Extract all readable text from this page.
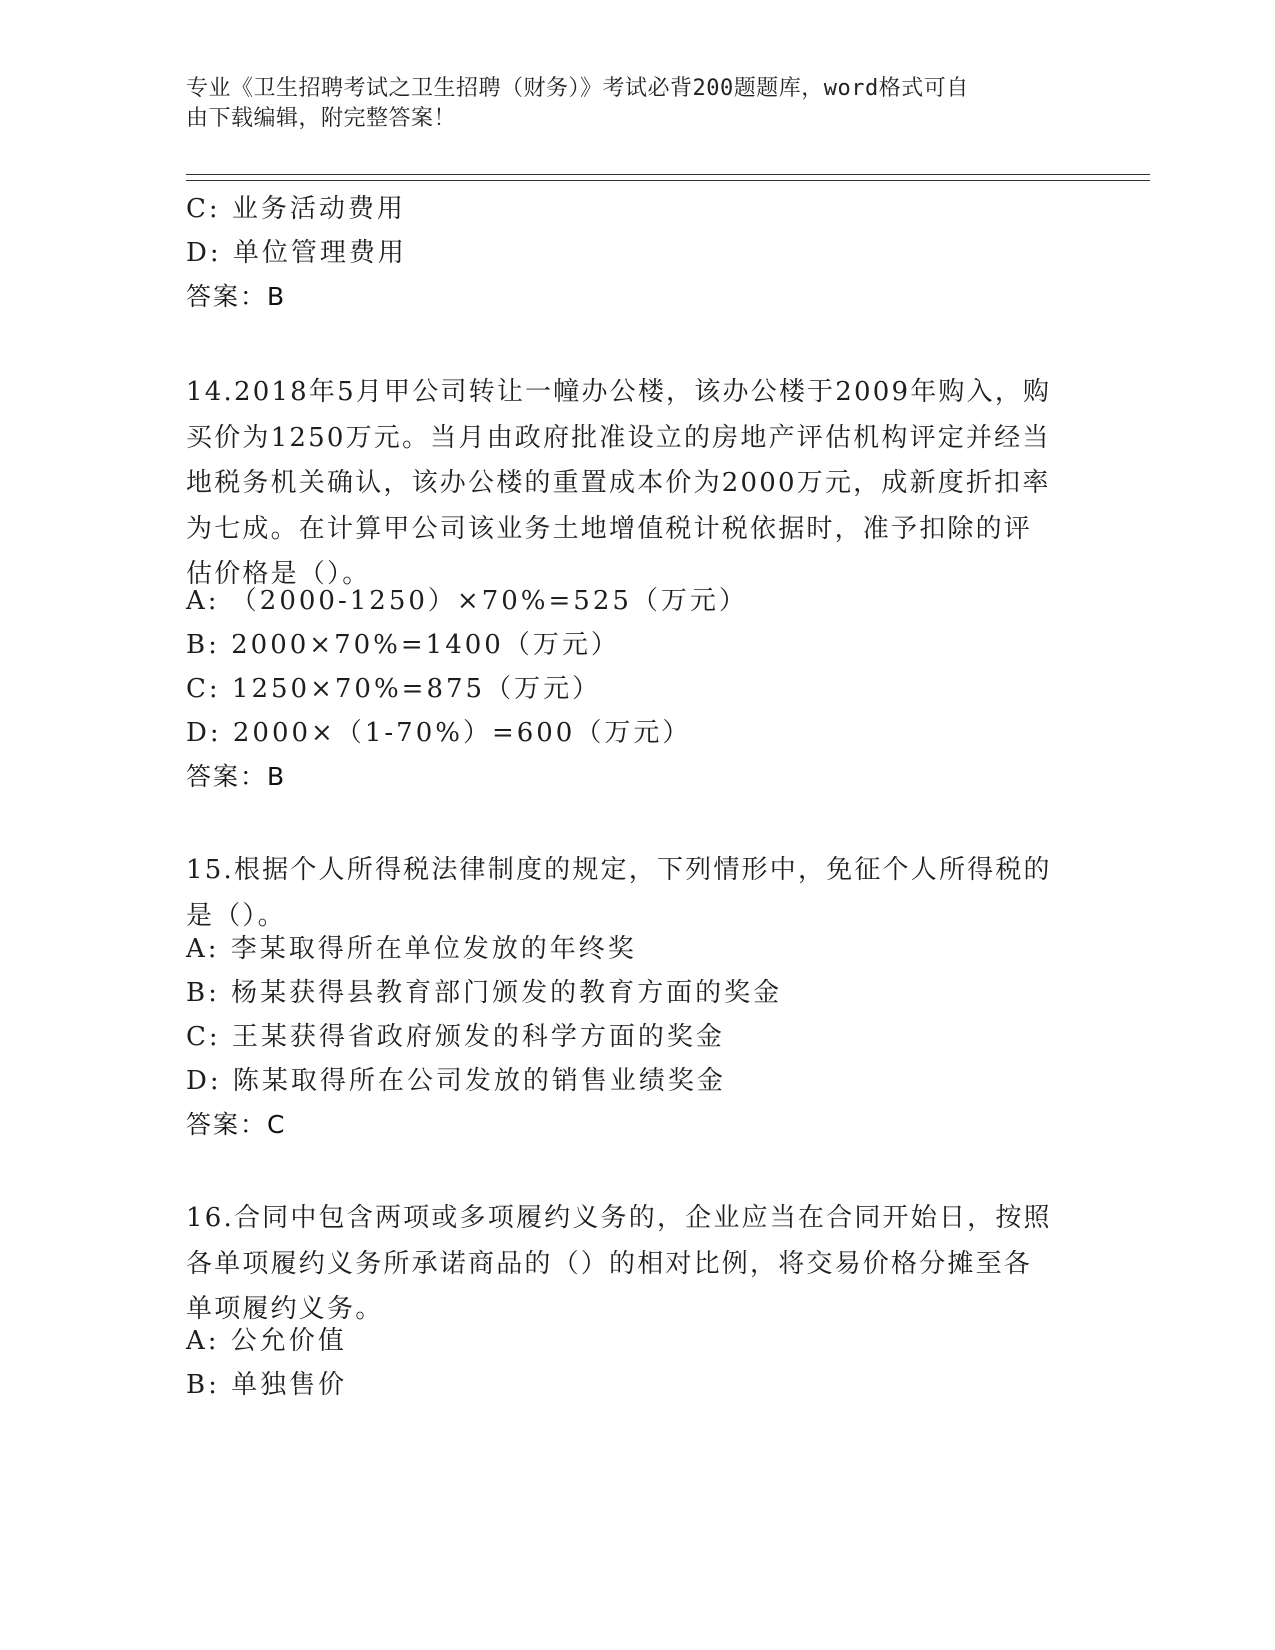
专业《卫生招聘考试之卫生招聘（财务）》考试必背200题题库，word格式可自
由下载编辑，附完整答案！
C: 业务活动费用
D: 单位管理费用
答案：B
14.2018年5月甲公司转让一幢办公楼，该办公楼于2009年购入，购
买价为1250万元。当月由政府批准设立的房地产评估机构评定并经当
地税务机关确认，该办公楼的重置成本价为2000万元，成新度折扣率
为七成。在计算甲公司该业务土地增值税计税依据时，准予扣除的评
估价格是（）。
A: （2000-1250）×70%=525（万元）
B: 2000×70%=1400（万元）
C: 1250×70%=875（万元）
D: 2000×（1-70%）=600（万元）
答案：B
15.根据个人所得税法律制度的规定，下列情形中，免征个人所得税的
是（）。
A: 李某取得所在单位发放的年终奖
B: 杨某获得县教育部门颁发的教育方面的奖金
C: 王某获得省政府颁发的科学方面的奖金
D: 陈某取得所在公司发放的销售业绩奖金
答案：C
16.合同中包含两项或多项履约义务的，企业应当在合同开始日，按照
各单项履约义务所承诺商品的（）的相对比例，将交易价格分摊至各
单项履约义务。
A: 公允价值
B: 单独售价
